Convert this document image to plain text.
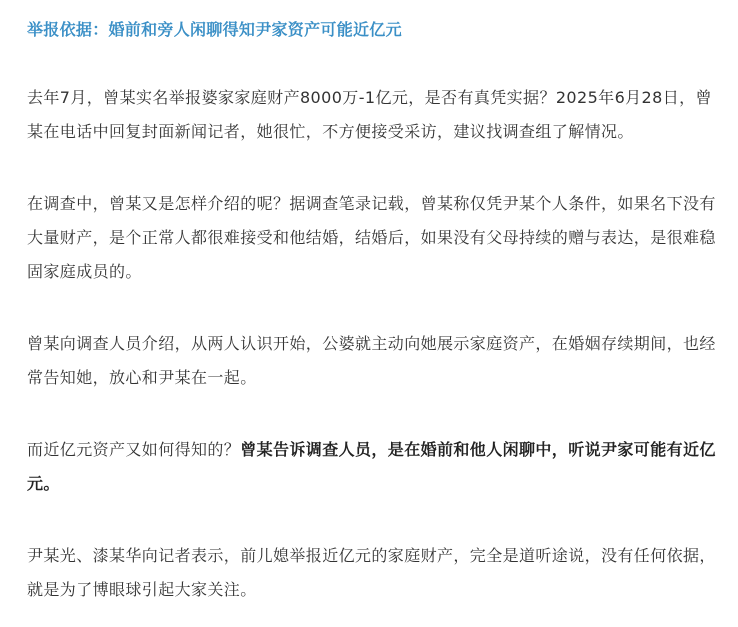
举报依据：婚前和旁人闲聊得知尹家资产可能近亿元

去年7月，曾某实名举报婆家家庭财产8000万-1亿元，是否有真凭实据？2025年6月28日，曾某在电话中回复封面新闻记者，她很忙，不方便接受采访，建议找调查组了解情况。

在调查中，曾某又是怎样介绍的呢？据调查笔录记载，曾某称仅凭尹某个人条件，如果名下没有大量财产，是个正常人都很难接受和他结婚，结婚后，如果没有父母持续的赠与表达，是很难稳固家庭成员的。

曾某向调查人员介绍，从两人认识开始，公婆就主动向她展示家庭资产，在婚姻存续期间，也经常告知她，放心和尹某在一起。

而近亿元资产又如何得知的？曾某告诉调查人员，是在婚前和他人闲聊中，听说尹家可能有近亿元。

尹某光、漆某华向记者表示，前儿媳举报近亿元的家庭财产，完全是道听途说，没有任何依据，就是为了博眼球引起大家关注。
